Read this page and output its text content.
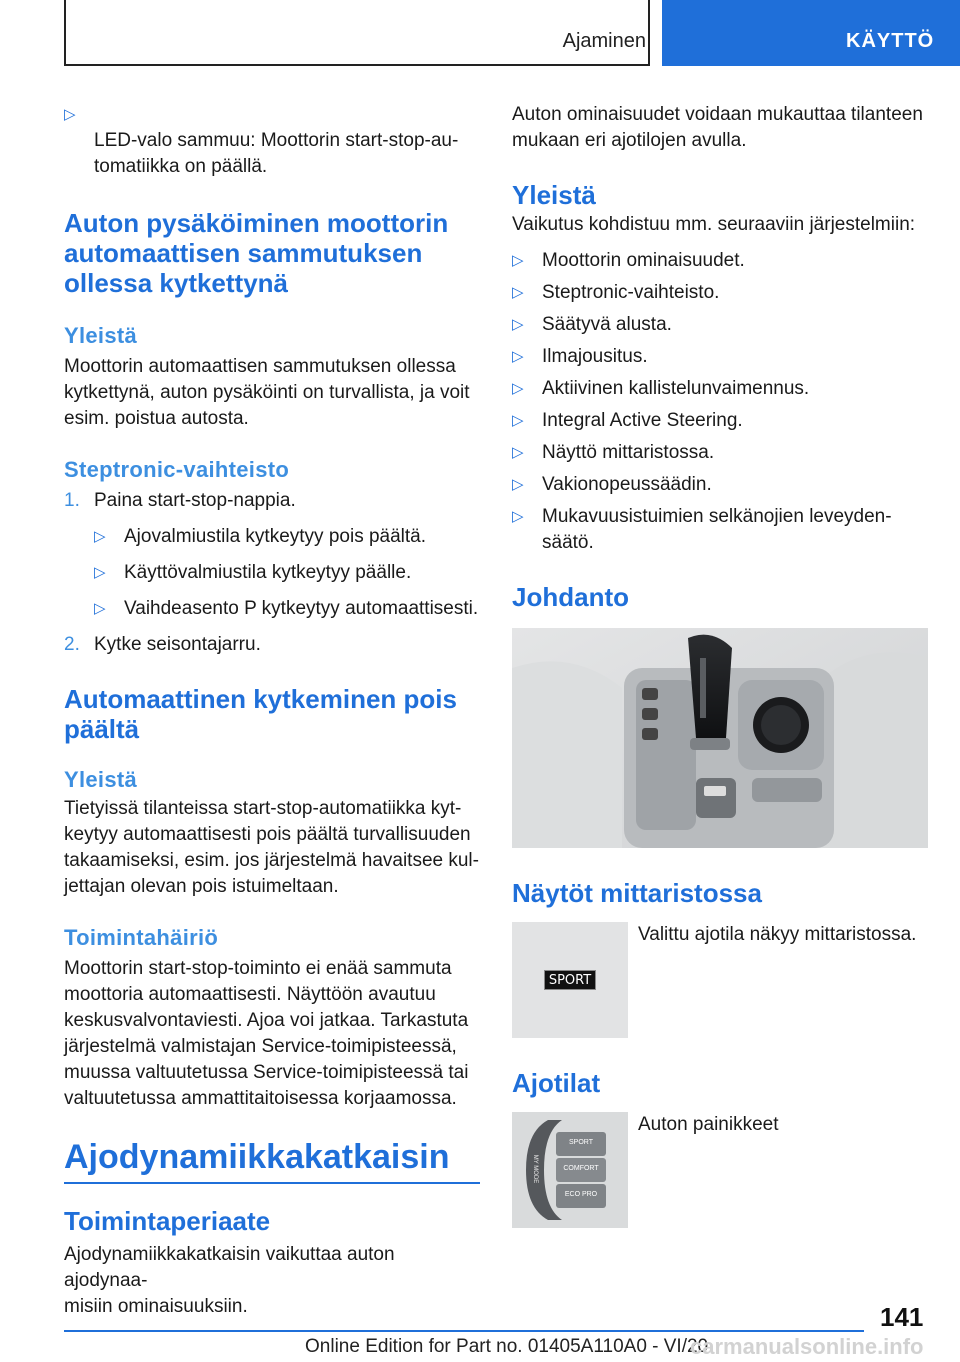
Ajaminen	KÄYTTÖ

▷
LED-valo sammuu: Moottorin start-stop-au-
tomatiikka on päällä.

Auton pysäköiminen moottorin automaattisen sammutuksen ollessa kytkettynä
Yleistä

Moottorin automaattisen sammutuksen ollessa kytkettynä, auton pysäköinti on turvallista, ja voit esim. poistua autosta.

Steptronic-vaihteisto
1. Paina start-stop-nappia.
▷ Ajovalmiustila kytkeytyy pois päältä.
▷ Käyttövalmiustila kytkeytyy päälle.
▷ Vaihdeasento P kytkeytyy automaattisesti.
2. Kytke seisontajarru.
Automaattinen kytkeminen pois päältä
Yleistä

Tietyissä tilanteissa start-stop-automatiikka kyt-
keytyy automaattisesti pois päältä turvallisuuden takaamiseksi, esim. jos järjestelmä havaitsee kul-
jettajan olevan pois istuimeltaan.

Toimintahäiriö

Moottorin start-stop-toiminto ei enää sammuta moottoria automaattisesti. Näyttöön avautuu keskusvalvontaviesti. Ajoa voi jatkaa. Tarkastuta järjestelmä valmistajan Service-toimipisteessä, muussa valtuutetussa Service-toimipisteessä tai valtuutetussa ammattitaitoisessa korjaamossa.

Ajodynamiikkakatkaisin
Toimintaperiaate

Ajodynamiikkakatkaisin vaikuttaa auton ajodynaa-
misiin ominaisuuksiin.

Auton ominaisuudet voidaan mukauttaa tilanteen mukaan eri ajotilojen avulla.

Yleistä

Vaikutus kohdistuu mm. seuraaviin järjestelmiin:

▷ Moottorin ominaisuudet.
▷ Steptronic-vaihteisto.
▷ Säätyvä alusta.
▷ Ilmajousitus.
▷ Aktiivinen kallistelunvaimennus.
▷ Integral Active Steering.
▷ Näyttö mittaristossa.
▷ Vakionopeussäädin.
▷ Mukavuusistuimien selkänojien leveyden-
säätö.
Johdanto
Näytöt mittaristossa
SPORT

Valittu ajotila näkyy mittaristossa.

Ajotilat
SPORT
COMFORT
ECO PRO
MY MODE

Auton painikkeet

141
Online Edition for Part no. 01405A110A0 - VI/20
carmanualsonline.info
